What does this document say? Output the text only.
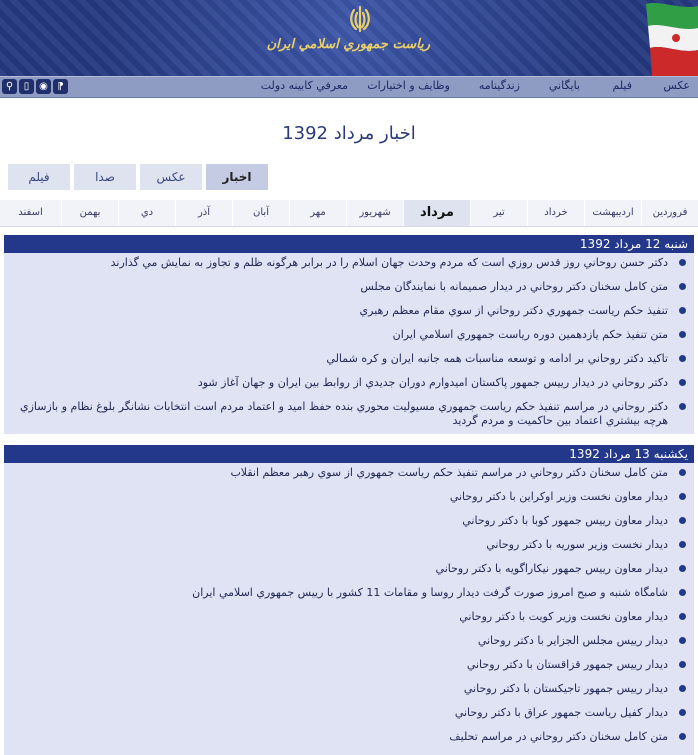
رياست جمهوري اسلامي ايران
عکس
فيلم
بايگاني
زندگينامه
وظايف و اختيارات
معرفي كابينه دولت
⚲ ▯ ◉ ⁋
اخبار مرداد 1392
فيلم	صدا	عکس	اخبار
فروردين
ارديبهشت
خرداد
تير
مرداد
شهريور
مهر
آبان
آذر
دي
بهمن
اسفند
شنبه 12 مرداد 1392
دكتر حسن روحاني روز قدس روزي است كه مردم وحدت جهان اسلام را در برابر هرگونه ظلم و تجاوز به نمايش مي گذارند
متن كامل سخنان دكتر روحاني در ديدار صميمانه با نمايندگان مجلس
تنفيذ حكم رياست جمهوري دكتر روحاني از سوي مقام معظم رهبري
متن تنفيذ حكم يازدهمين دوره رياست جمهوري اسلامي ايران
تاكيد دكتر روحاني بر ادامه و توسعه مناسبات همه جانبه ايران و كره شمالي
دكتر روحاني در ديدار رييس جمهور پاكستان اميدوارم دوران جديدي از روابط بين ايران و جهان آغاز شود
دكتر روحاني در مراسم تنفيذ حكم رياست جمهوري مسيوليت محوري بنده حفظ اميد و اعتماد مردم است انتخابات نشانگر بلوغ نظام و بازسازي هرچه بيشتري اعتماد بين حاكميت و مردم گرديد
يكشنبه 13 مرداد 1392
متن كامل سخنان دكتر روحاني در مراسم تنفيذ حكم رياست جمهوري از سوي رهبر معظم انقلاب
ديدار معاون نخست وزير اوكراين با دكتر روحاني
ديدار معاون رييس جمهور كوبا با دكتر روحاني
ديدار نخست وزير سوريه با دكتر روحاني
ديدار معاون رييس جمهور نيكاراگويه با دكتر روحاني
شامگاه شنبه و صبح امروز صورت گرفت ديدار روسا و مقامات 11 كشور با رييس جمهوري اسلامي ايران
ديدار معاون نخست وزير كويت با دكتر روحاني
ديدار رييس مجلس الجزاير با دكتر روحاني
ديدار رييس جمهور قزاقستان با دكتر روحاني
ديدار رييس جمهور تاجيكستان با دكتر روحاني
ديدار كفيل رياست جمهور عراق با دكتر روحاني
متن كامل سخنان دكتر روحاني در مراسم تحليف
